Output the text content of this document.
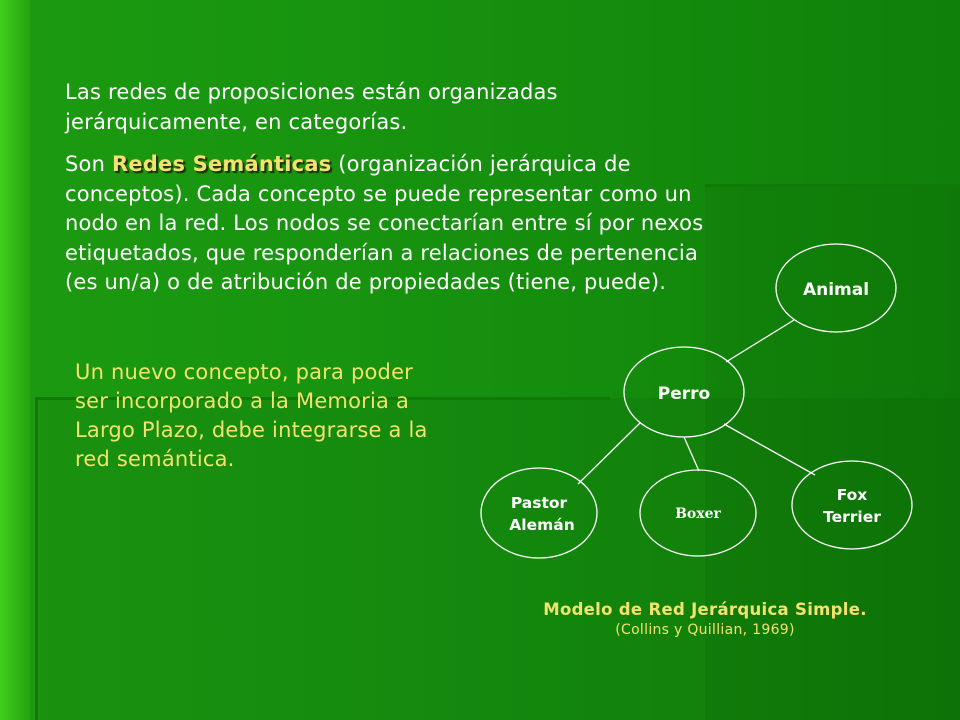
Las redes de proposiciones están organizadas jerárquicamente, en categorías.
Son Redes Semánticas (organización jerárquica de conceptos). Cada concepto se puede representar como un nodo en la red. Los nodos se conectarían entre sí por nexos etiquetados, que responderían a relaciones de pertenencia (es un/a) o de atribución de propiedades (tiene, puede).
Un nuevo concepto, para poder ser incorporado a la Memoria a Largo Plazo, debe integrarse a la red semántica.
Animal
Perro
Pastor
Alemán
Boxer
Fox
Terrier
Modelo de Red Jerárquica Simple.
(Collins y Quillian, 1969)
